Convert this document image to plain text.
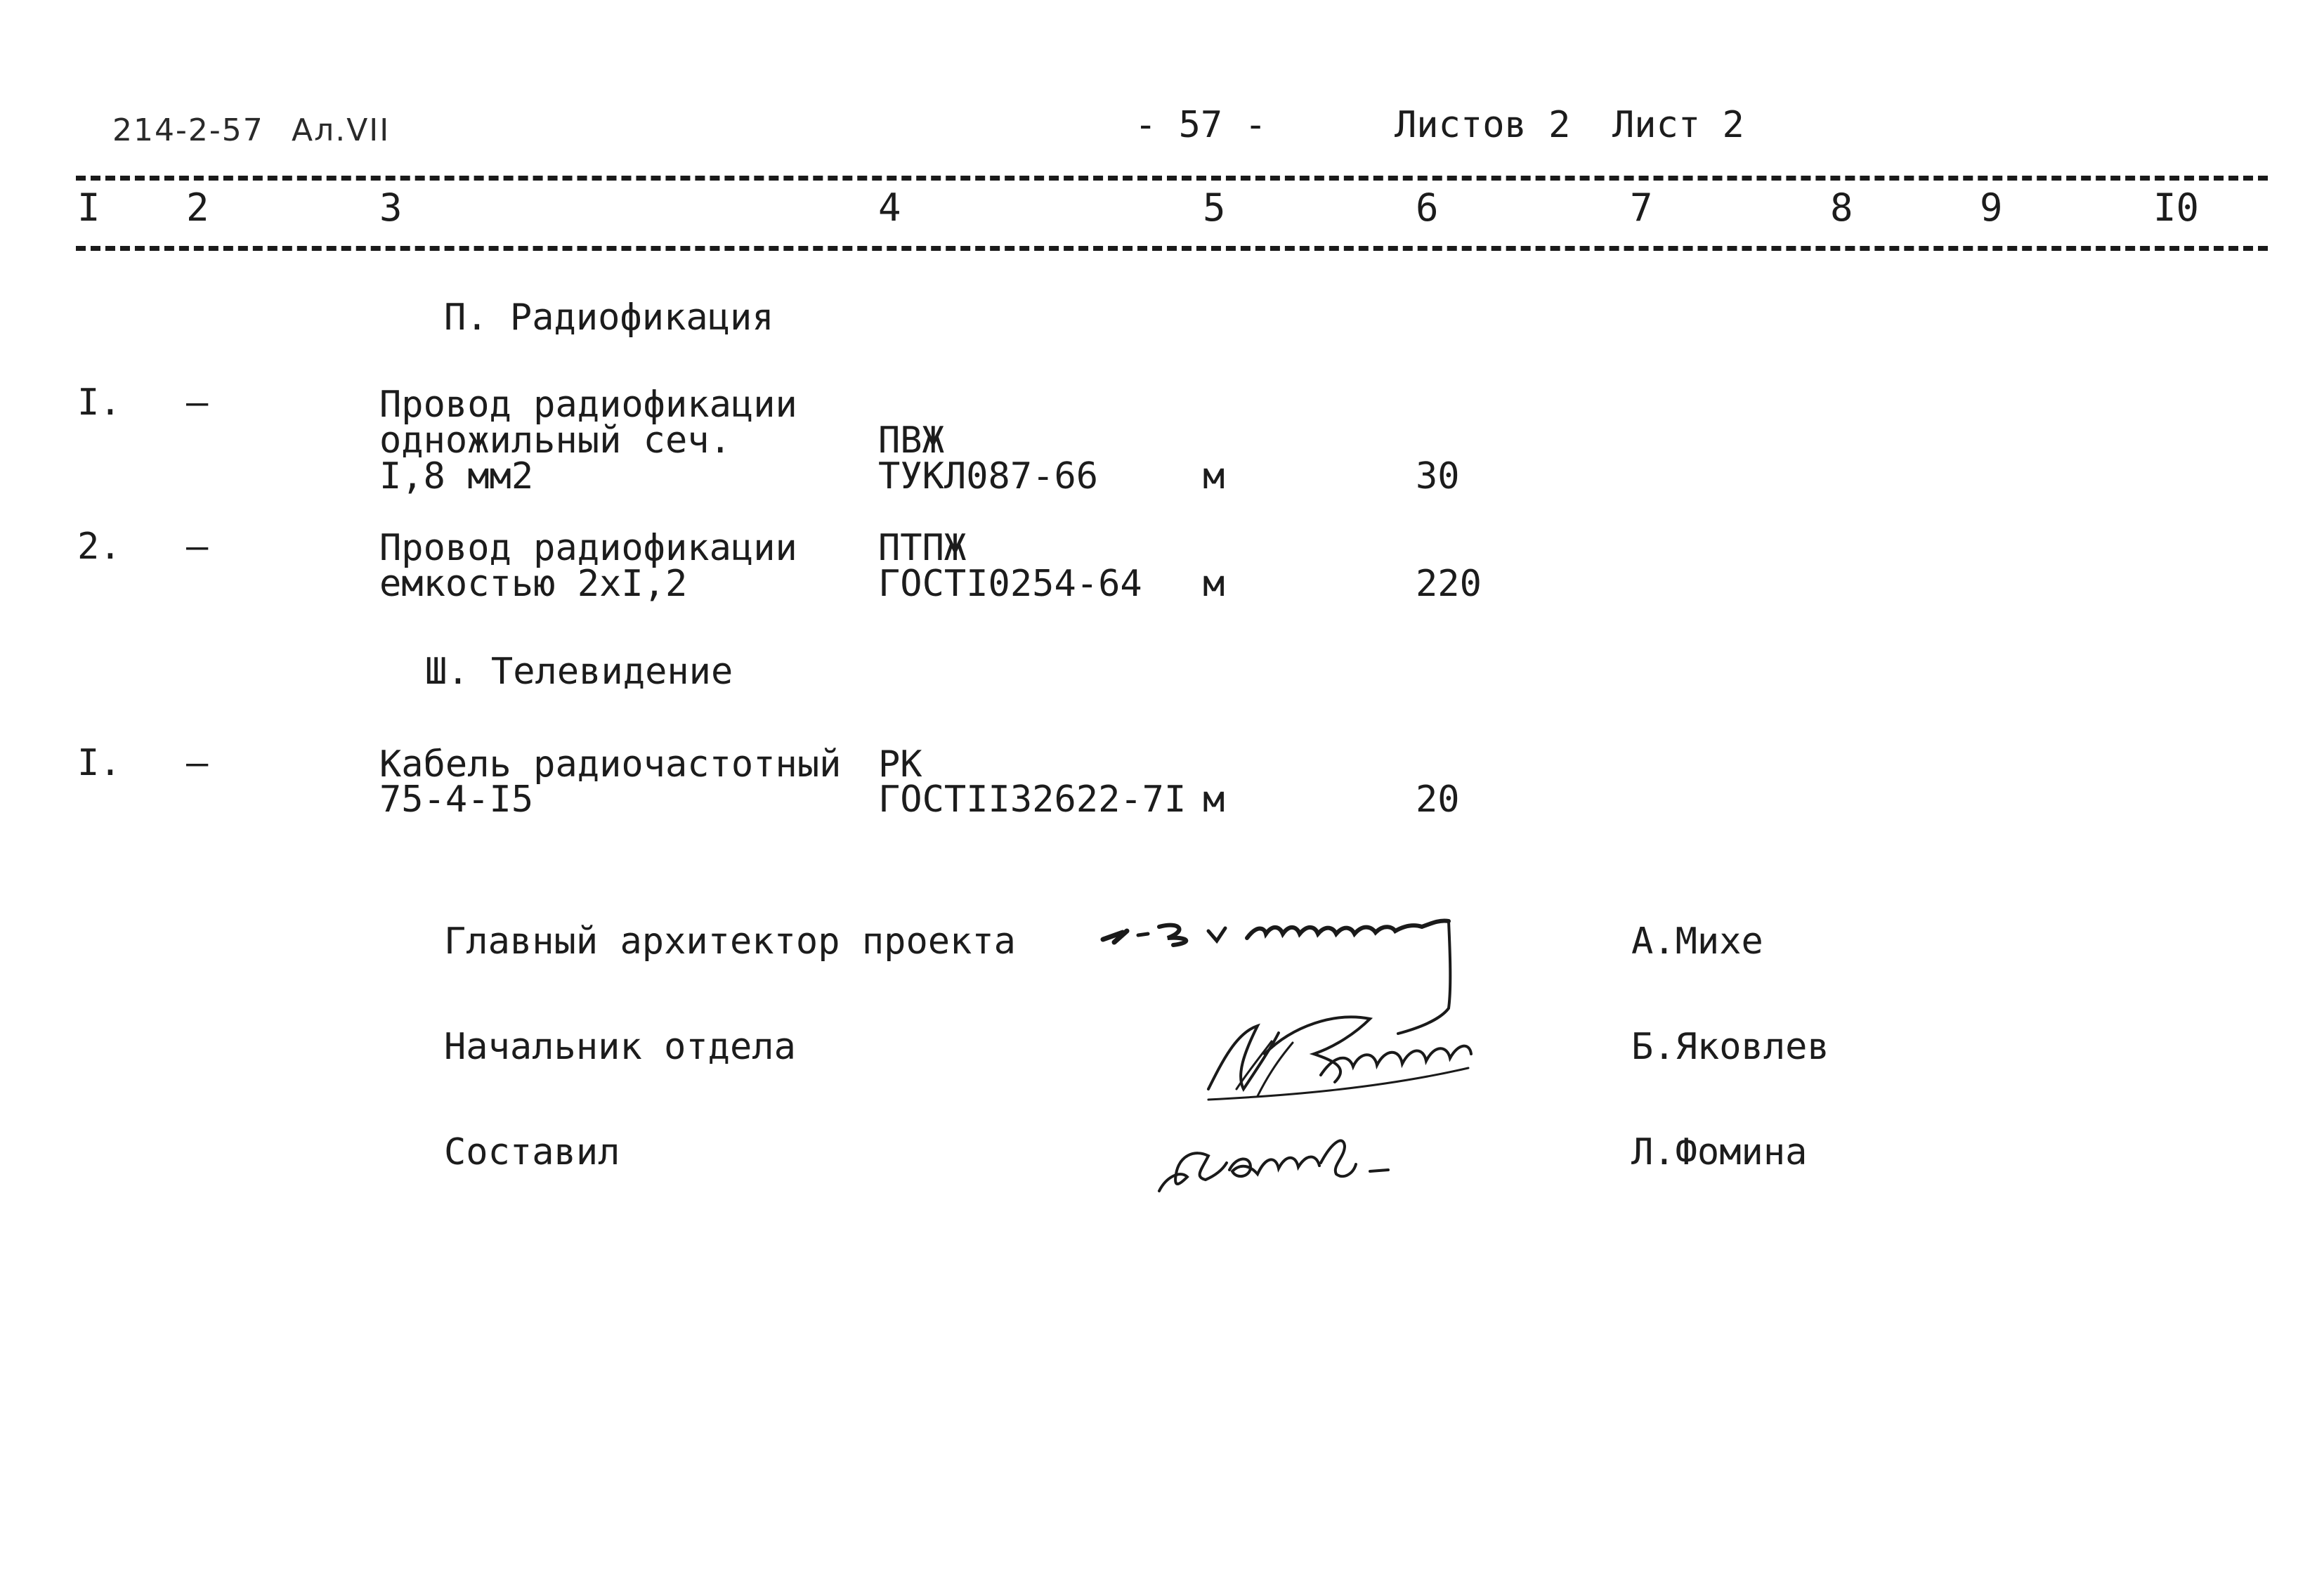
214-2-57 Ал.VII	- 57 -	Листов 2 Лист 2
I 2	3	4	5	6	7	8	9	I0
П. Радиофикация
I. –	Провод радиофикации
одножильный сеч.
I,8 мм2
ПВЖ
ТУКЛ087-66	м	30
2. –	Провод радиофикации
емкостью 2хI,2
ПТПЖ
ГОСТI0254-64 м	220
Ш. Телевидение
I. –	Кабель радиочастотный
75-4-I5
РК
ГОСТII32622-7I м	20
Главный архитектор проекта	А.Михе
Начальник отдела	Б.Яковлев
Составил	Л.Фомина
